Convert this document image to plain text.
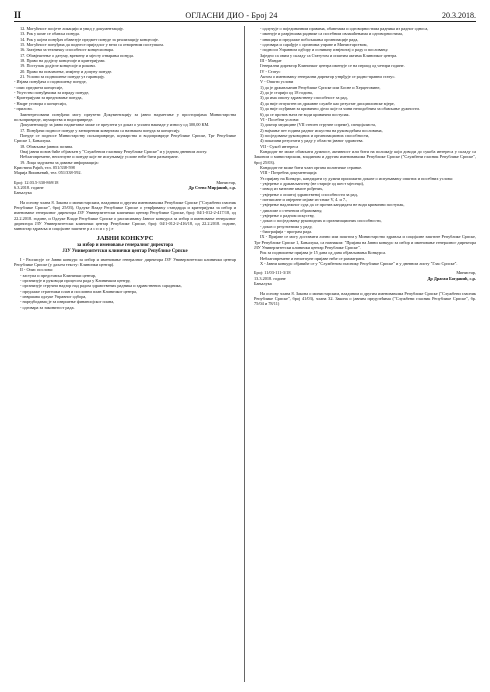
II	ОГЛАСНИ ДИО - Број 24	20.3.2018.

12. Могућност посјете локацији и увид у документацију.

13. Рок у коме се обавља понуда.

14. Рок у којем понуђач обавезује предмет понуде за реализацију концесије.

15. Могућност понуђача да поднесе приједлог у вези са отвореним поступком.

16. Захтјеви за техничку способност концесионара.

17. Обавјештење о датуму, времену и мјесту отварања понуда.

18. Право на додјелу концесије и критеријуми.

19. Поступак додјеле концесије и рокови.

20. Право на повлачење, измјену и допуну понуде.

21. Услови за подношење понуде уз гаранцију.

- Изјава понуђача о подношењу понуде,

- опис предмета концесије,

- Упутство понуђачима за израду понуде,

- Критеријуми за вредновање понуда,

- Нацрт уговора о концесији,

- прилози.

Заинтересовани понуђачи могу преузети Документацију за јавно надметање у просторијама Министарства пољопривреде, шумарства и водопривреде.

Документацију за јавно надметање може се преузети уз доказ о уплати накнаде у износу од 300,00 КМ.

17. Понуђачи подносе понуде у затвореним ковертама са назнаком понуда за концесију.

Понуде се подносе Министарству пољопривреде, шумарства и водопривреде Републике Српске, Трг Републике Српске 1, Бањалука.

18. Обављање јавних позива.

Овај јавни позив биће објављен у "Службеном гласнику Републике Српске" и у једном дневном листу.

Неблаговремене, непотпуне и понуде које не испуњавају услове неће бити разматране.

19. Лица задужена за давање информација:

Кристина Рајић, тел. 051/338-598

Марија Вишњевић, тел. 051/338-592.

Број: 12.03.5-330-869/18
6.3.2018. године
Бањалука
Министар,
Др Стево Мирјанић, с.р.

На основу члана 8. Закона о министарским, владиним и другим именовањима Републике Српске ("Службени гласник Републике Српске", број 25/03), Одлуке Владе Републике Српске о утврђивању стандарда и критеријума за избор и именовање генералног директора ЈЗУ Универзитетски клинички центар Републике Српске, број: 04/1-012-2-417/18, од 22.2.2018. године, и Одлуке Владе Републике Српске о расписивању Јавног конкурса за избор и именовање генералног директора ЈЗУ Универзитетски клинички центар Републике Српске, број: 04/1-012-2-416/18, од 22.2.2018. године, министар здравља и социјалне заштите р а с п и с у ј е

ЈАВНИ КОНКУРС

за избор и именовање генералног директора

ЈЗУ Универзитетски клинички центар Републике Српске

I - Расписује се Јавни конкурс за избор и именовање генералног директора ЈЗУ Универзитетски клинички центар Републике Српске (у даљем тексту: Клинички центар).

II - Опис послова:

- заступа и представља Клинички центар,

- организује и руководи процесом рада у Клиничком центру,

- организује стручни надзор над радом здравствених радника и здравствених сарадника,

- предлаже стратешки план и пословни план Клиничког центра,

- извршава одлуке Управног одбора,

- наредбодавац је за извршење финансијског плана,

- одговара за законитост рада.

- одлучује о појединачним правима, обавезама и одговорностима радника из радног односа,

- именује и разрјешава раднике са посебним овлашћењима и одговорностима,

- иницира и предлаже побољшања организације рада,

- одговара и сарађује с органима управе и Министарством,

- подноси Управном одбору и оснивачу извјештај о раду и пословању.

Заједно са овим у складу са Статутом и општим актима Клиничког центра.

III - Мандат

Генерални директор Клиничког центра именује се на период од четири године.

IV - Статус

Актом о именовању генерални директор утврђује се радно-правни статус.

V - Општи услови

1) да је држављанин Републике Српске или Босне и Херцеговине,

2) да је старији од 18 година,

3) да има општу здравствену способност за рад,

4) да није отпуштен из државне службе као резултат дисциплинске мјере,

5) да није осуђиван за кривично дјело које га чини неподобним за обављање дужности.

6) да се против њега не води кривични поступак.

VI - Посебни услови:

1) доктор медицине (VII степен стручне спреме), специјалиста,

2) најмање пет година радног искуства на руководећим пословима,

3) посједовање руководних и организационих способности,

4) показани резултати у раду у области јавног здравства.

VII - Сукоб интереса

Кандидат не може обављати дужност, активност или бити на положају који доводи до сукоба интереса у складу са Законом о министарским, владиним и другим именовањима Републике Српске ("Службени гласник Републике Српске", број 25/03).

Кандидат не може бити члан органа политичке странке.

VIII - Потребна документација

Уз пријаву на Конкурс, кандидати су дужни приложити доказе о испуњавању општих и посебних услова:

- увјерење о држављанству (не старије од шест мјесеци),

- извод из матичне књиге рођених,

- увјерење о општој здравственој способности за рад,

- потписане и овјерене изјаве из тачке V, 4. и 7.,

- увјерење надлежног суда да се против кандидата не води кривични поступак,

- дипломе о стеченом образовању,

- увјерење о радном искуству,

- доказ о посједовању руководних и организационих способности,

- доказ о резултатима у раду,

- биографија - програм рада.

IX - Пријаве се могу доставити лично или поштом у Министарство здравља и социјалне заштите Републике Српске, Трг Републике Српске 1, Бањалука, са назнаком: "Пријава на Јавни конкурс за избор и именовање генералног директора ЈЗУ Универзитетски клинички центар Републике Српске".

Рок за подношење пријава је 15 дана од дана објављивања Конкурса.

Неблаговремене и непотпуне пријаве неће се разматрати.

X - Јавни конкурс објавиће се у "Службеном гласнику Републике Српске" и у дневном листу "Глас Српске".

Број: 11/03-111-3/18
13.3.2018. године
Бањалука
Министар,
Др Драган Богданић, с.р.

На основу члана 8. Закона о министарским, владиним и другим именовањима Републике Српске ("Службени гласник Републике Српске", број 41/03), члана 32. Закона о јавним предузећима ("Службени гласник Републике Српске", бр. 75/04 и 78/11)
